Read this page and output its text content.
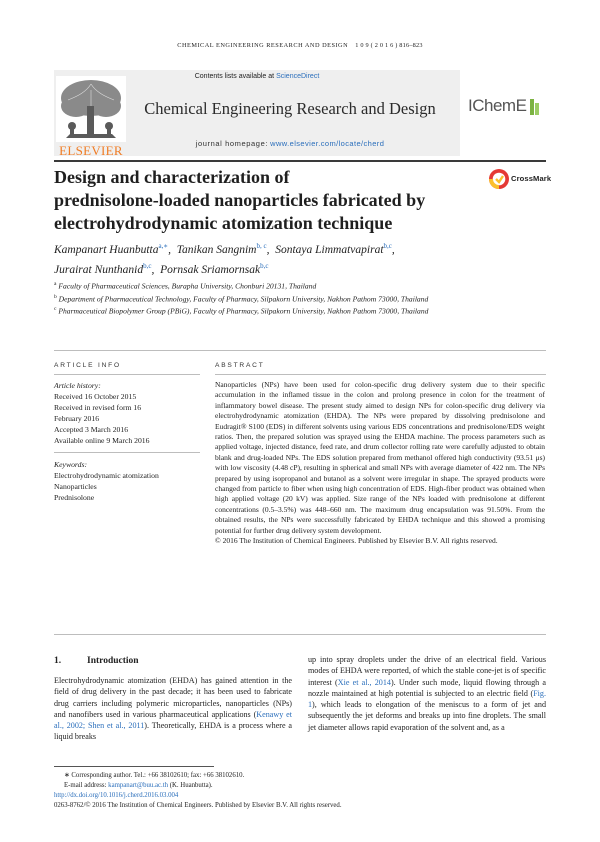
CHEMICAL ENGINEERING RESEARCH AND DESIGN 1 0 9 ( 2 0 1 6 ) 816–823
Contents lists available at ScienceDirect
ELSEVIER
Chemical Engineering Research and Design
journal homepage: www.elsevier.com/locate/cherd
IChemE
Design and characterization of
prednisolone-loaded nanoparticles fabricated by
electrohydrodynamic atomization technique
CrossMark
Kampanart Huanbutta$^{a,∗}$,  Tanikan Sangnim$^{b, c}$,  Sontaya Limmatvapirat$^{b,c}$,
Jurairat Nunthanid$^{b,c}$,  Pornsak Sriamornsak$^{b,c}$
$^a$ Faculty of Pharmaceutical Sciences, Burapha University, Chonburi 20131, Thailand
$^b$ Department of Pharmaceutical Technology, Faculty of Pharmacy, Silpakorn University, Nakhon Pathom 73000, Thailand
$^c$ Pharmaceutical Biopolymer Group (PBiG), Faculty of Pharmacy, Silpakorn University, Nakhon Pathom 73000, Thailand
ARTICLE INFO	ABSTRACT
Article history:
Received 16 October 2015
Received in revised form 16
February 2016
Accepted 3 March 2016
Available online 9 March 2016
Keywords:
Electrohydrodynamic atomization
Nanoparticles
Prednisolone
Nanoparticles (NPs) have been used for colon-specific drug delivery system due to their specific accumulation in the inflamed tissue in the colon and prolong presence in colon for the treatment of inflammatory bowel disease. The present study aimed to design NPs for colon-specific drug delivery via electrohydrodynamic atomization (EHDA). The NPs were prepared by dissolving prednisolone and Eudragit® S100 (EDS) in different solvents using various EDS concentrations and prednisolone/EDS weight ratios. Then, the prepared solution was sprayed using the EHDA machine. The process parameters such as applied voltage, injected distance, feed rate, and drum collector rolling rate were carefully adjusted to obtain blank and drug-loaded NPs. The EDS solution prepared from methanol offered high conductivity (93.51 μs) with low viscosity (4.48 cP), resulting in spherical and small NPs with average diameter of 422 nm. The NPs prepared by using isopropanol and butanol as a solvent were irregular in shape. The sprayed products were changed from particle to fiber when using high concentration of EDS. High-fiber product was obtained when high applied voltage (20 kV) was applied. Size range of the NPs loaded with prednisolone at different concentrations (0.5–3.5%) was 448–660 nm. The maximum drug encapsulation was 91.50%. From the obtained results, the NPs were successfully fabricated by EHDA technique and this showed a promising potential for further drug delivery system development.
© 2016 The Institution of Chemical Engineers. Published by Elsevier B.V. All rights reserved.
1.	Introduction
Electrohydrodynamic atomization (EHDA) has gained attention in the field of drug delivery in the past decade; it has been used to fabricate drug carriers including polymeric microparticles, nanoparticles (NPs) and nanofibers used in various pharmaceutical applications (Kenawy et al., 2002; Shen et al., 2011). Theoretically, EHDA is a process where a liquid breaks
up into spray droplets under the drive of an electrical field. Various modes of EHDA were reported, of which the stable cone-jet is of specific interest (Xie et al., 2014). Under such mode, liquid flowing through a nozzle maintained at high potential is subjected to an electric field (Fig. 1), which leads to elongation of the meniscus to a form of jet and subsequently the jet deforms and breaks up into fine droplets. The small jet diameter allows rapid evaporation of the solvent and, as a
∗ Corresponding author. Tel.: +66 38102610; fax: +66 38102610.
E-mail address: kampanart@buu.ac.th (K. Huanbutta).
http://dx.doi.org/10.1016/j.cherd.2016.03.004
0263-8762/© 2016 The Institution of Chemical Engineers. Published by Elsevier B.V. All rights reserved.
